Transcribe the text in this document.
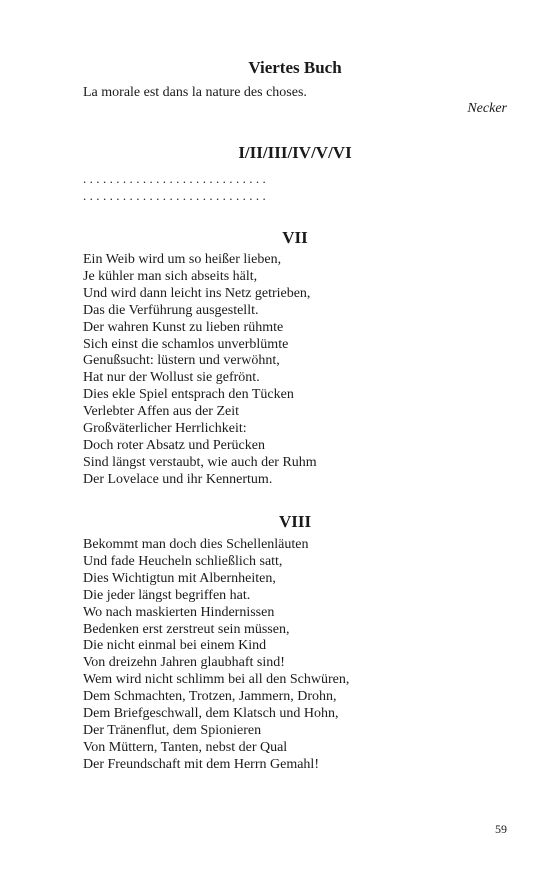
Viertes Buch
La morale est dans la nature des choses.
Necker
I/II/III/IV/V/VI
............................
............................
VII
Ein Weib wird um so heißer lieben,
Je kühler man sich abseits hält,
Und wird dann leicht ins Netz getrieben,
Das die Verführung ausgestellt.
Der wahren Kunst zu lieben rühmte
Sich einst die schamlos unverblümte
Genußsucht: lüstern und verwöhnt,
Hat nur der Wollust sie gefrönt.
Dies ekle Spiel entsprach den Tücken
Verlebter Affen aus der Zeit
Großväterlicher Herrlichkeit:
Doch roter Absatz und Perücken
Sind längst verstaubt, wie auch der Ruhm
Der Lovelace und ihr Kennertum.
VIII
Bekommt man doch dies Schellenläuten
Und fade Heucheln schließlich satt,
Dies Wichtigtun mit Albernheiten,
Die jeder längst begriffen hat.
Wo nach maskierten Hindernissen
Bedenken erst zerstreut sein müssen,
Die nicht einmal bei einem Kind
Von dreizehn Jahren glaubhaft sind!
Wem wird nicht schlimm bei all den Schwüren,
Dem Schmachten, Trotzen, Jammern, Drohn,
Dem Briefgeschwall, dem Klatsch und Hohn,
Der Tränenflut, dem Spionieren
Von Müttern, Tanten, nebst der Qual
Der Freundschaft mit dem Herrn Gemahl!
59
